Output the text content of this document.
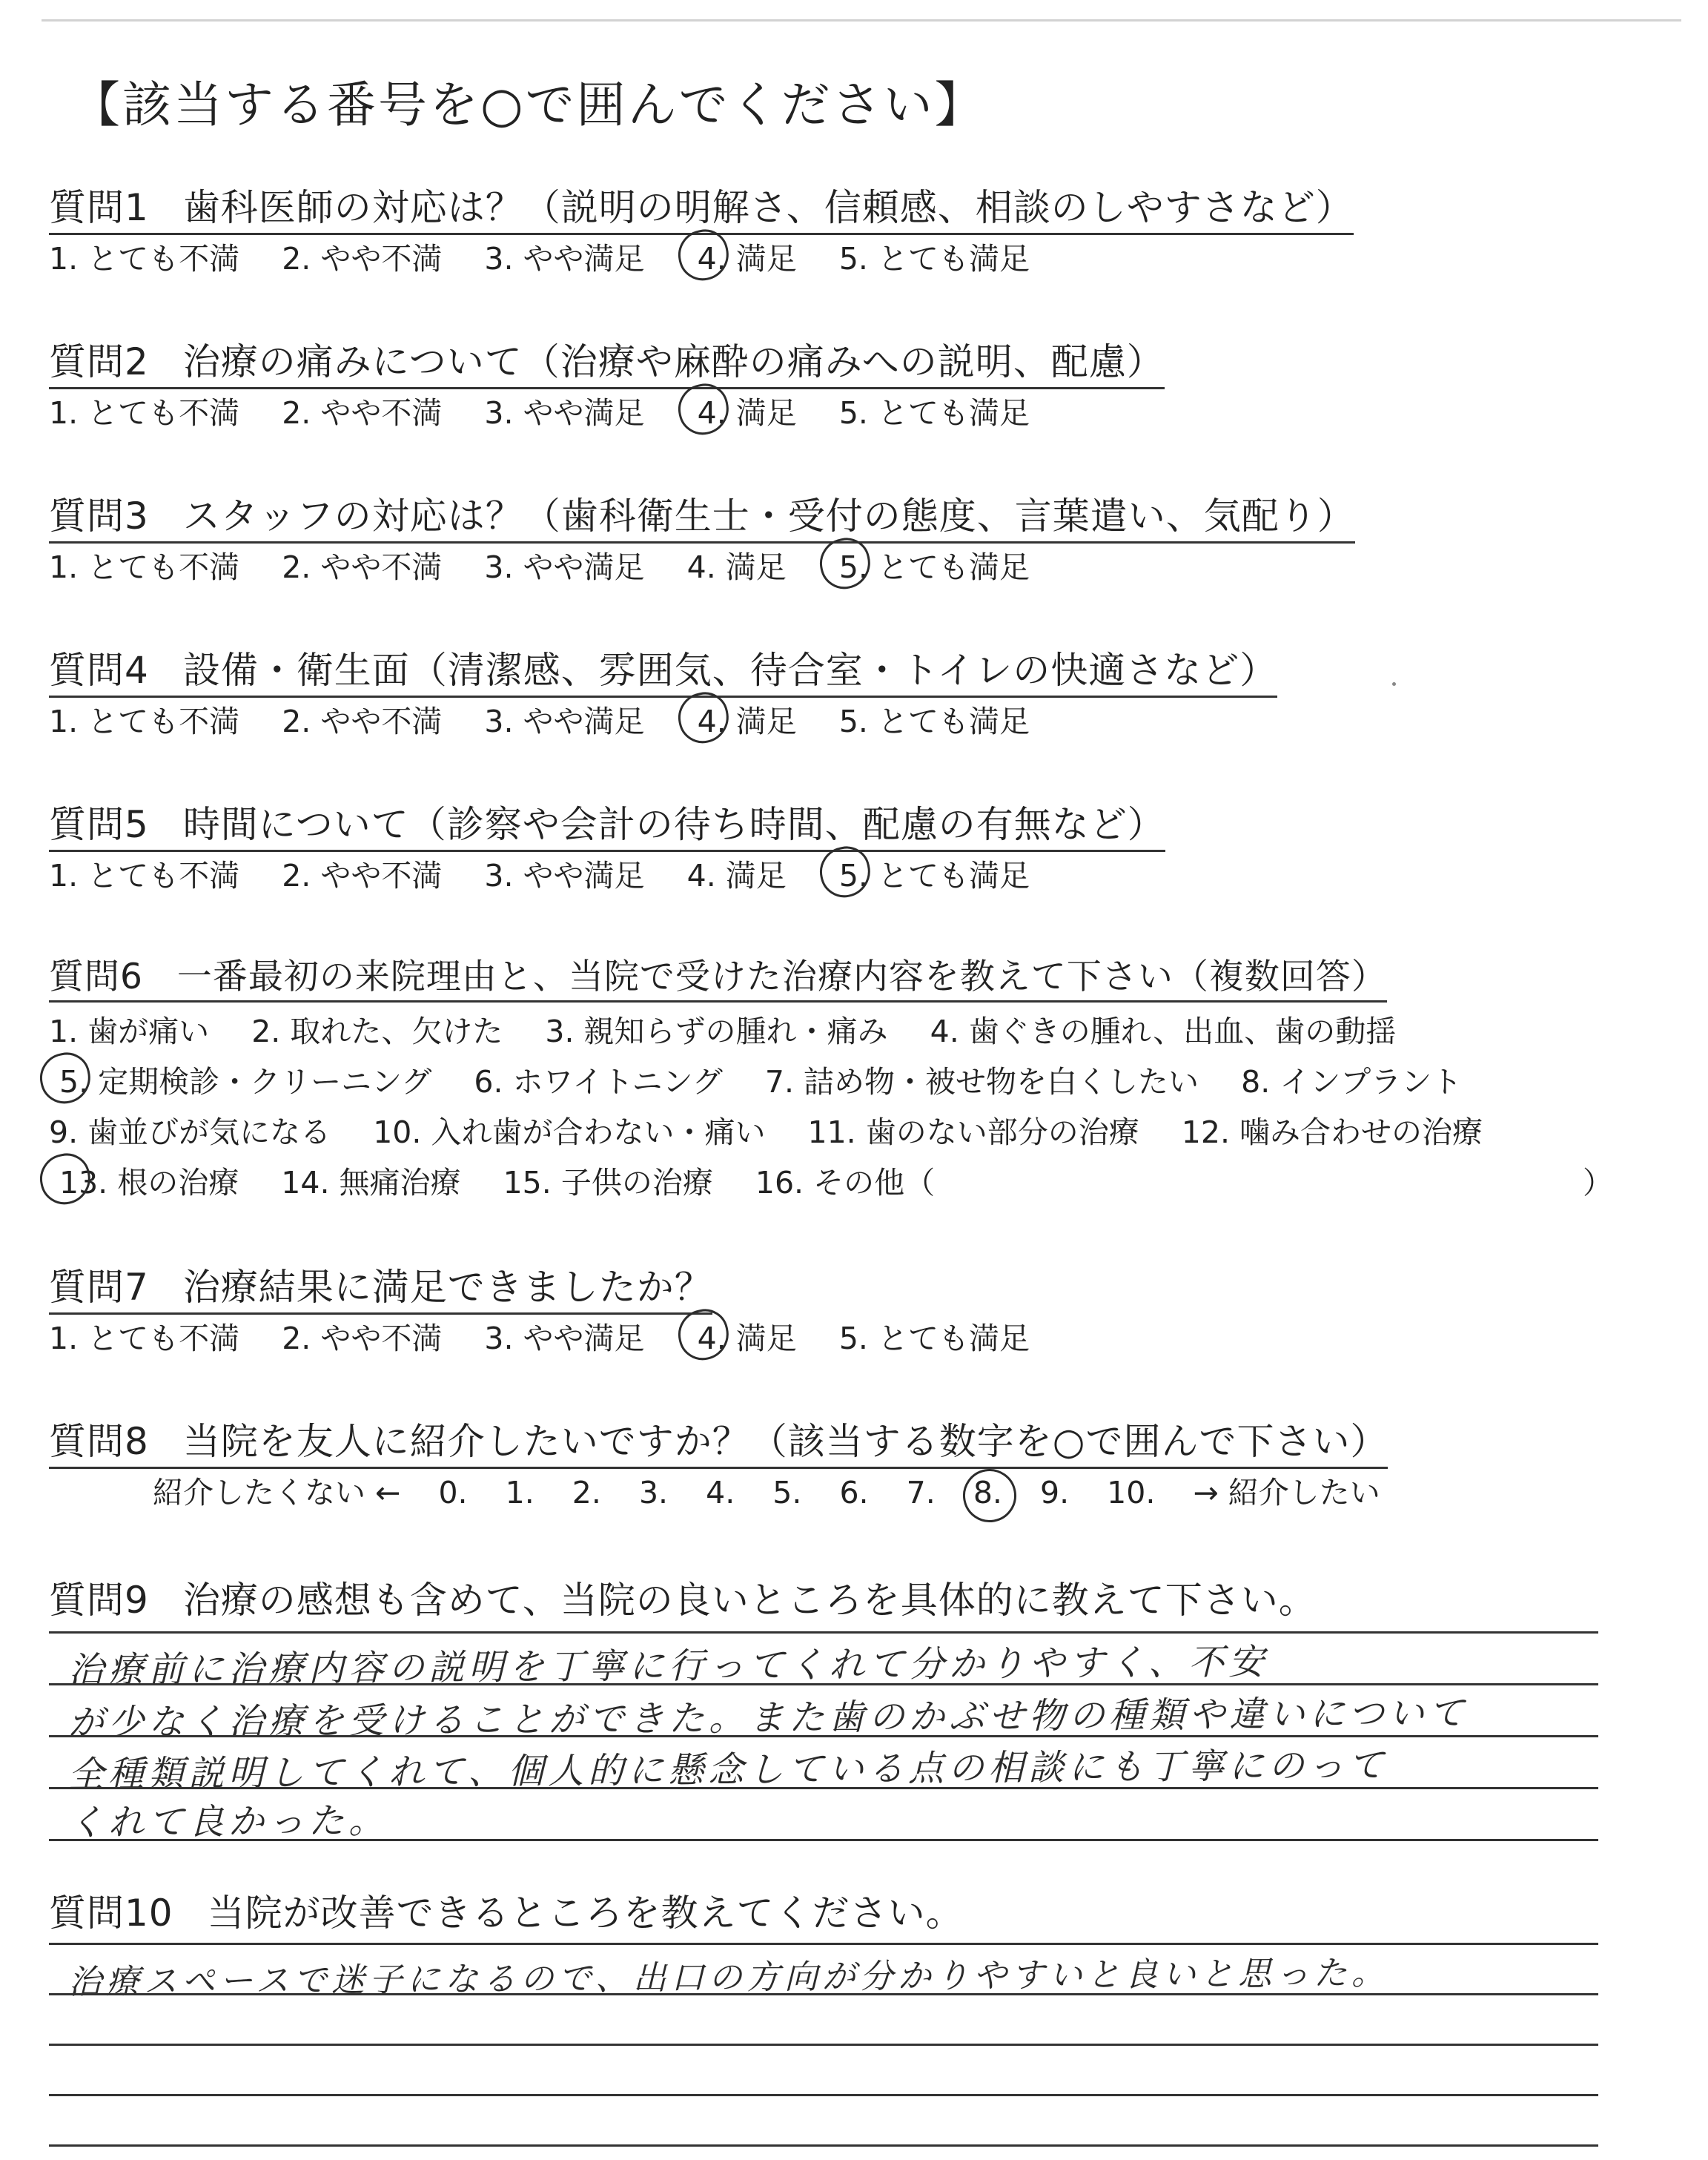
【該当する番号を○で囲んでください】
質問1 歯科医師の対応は？（説明の明解さ、信頼感、相談のしやすさなど）
1. とても不満 2. やや不満 3. やや満足 4. 満足 5. とても満足
質問2 治療の痛みについて（治療や麻酔の痛みへの説明、配慮）
1. とても不満 2. やや不満 3. やや満足 4. 満足 5. とても満足
質問3 スタッフの対応は？（歯科衛生士・受付の態度、言葉遣い、気配り）
1. とても不満 2. やや不満 3. やや満足 4. 満足 5. とても満足
質問4 設備・衛生面（清潔感、雰囲気、待合室・トイレの快適さなど）
1. とても不満 2. やや不満 3. やや満足 4. 満足 5. とても満足
質問5 時間について（診察や会計の待ち時間、配慮の有無など）
1. とても不満 2. やや不満 3. やや満足 4. 満足 5. とても満足
質問6 一番最初の来院理由と、当院で受けた治療内容を教えて下さい（複数回答）
1. 歯が痛い 2. 取れた、欠けた 3. 親知らずの腫れ・痛み 4. 歯ぐきの腫れ、出血、歯の動揺
5. 定期検診・クリーニング 6. ホワイトニング 7. 詰め物・被せ物を白くしたい 8. インプラント
9. 歯並びが気になる 10. 入れ歯が合わない・痛い 11. 歯のない部分の治療 12. 噛み合わせの治療
13. 根の治療 14. 無痛治療 15. 子供の治療 16. その他（	）
質問7 治療結果に満足できましたか？
1. とても不満 2. やや不満 3. やや満足 4. 満足 5. とても満足
質問8 当院を友人に紹介したいですか？（該当する数字を○で囲んで下さい）
紹介したくない ← 0. 1. 2. 3. 4. 5. 6. 7. 8. 9. 10. → 紹介したい
質問9 治療の感想も含めて、当院の良いところを具体的に教えて下さい。
治療前に治療内容の説明を丁寧に行ってくれて分かりやすく、不安
が少なく治療を受けることができた。また歯のかぶせ物の種類や違いについて
全種類説明してくれて、個人的に懸念している点の相談にも丁寧にのって
くれて良かった。
質問10 当院が改善できるところを教えてください。
治療スペースで迷子になるので、出口の方向が分かりやすいと良いと思った。
